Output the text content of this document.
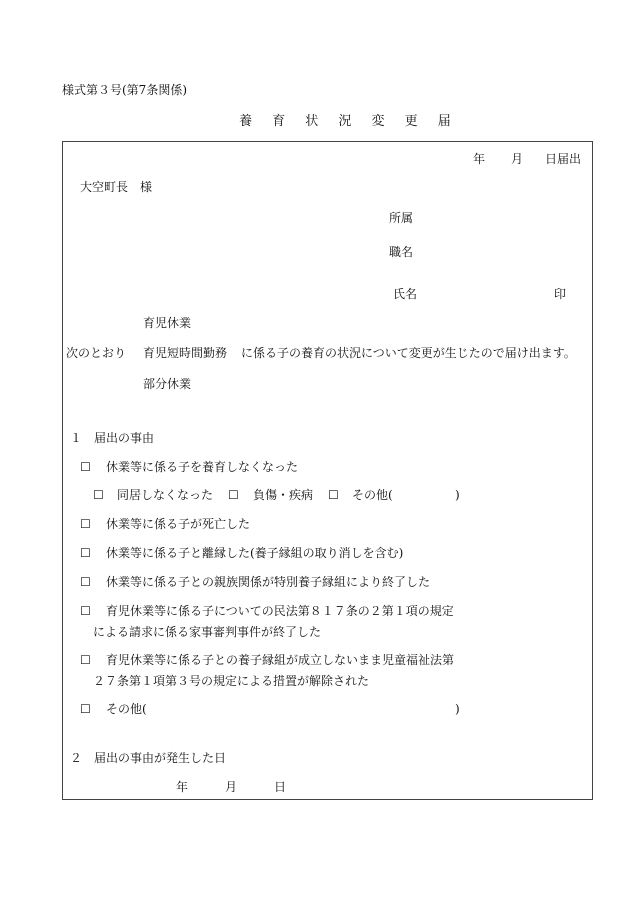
様式第３号(第7条関係)
養 育 状 況 変 更 届
年 月 日届出
大空町長　様
所属
職名
氏名	印
育児休業
次のとおり 育児短時間勤務 に係る子の養育の状況について変更が生じたので届け出ます。
部分休業
１　届出の事由
☐ 休業等に係る子を養育しなくなった
☐ 同居しなくなった ☐ 負傷・疾病 ☐ その他(	)
☐ 休業等に係る子が死亡した
☐ 休業等に係る子と離縁した(養子縁組の取り消しを含む)
☐ 休業等に係る子との親族関係が特別養子縁組により終了した
☐ 育児休業等に係る子についての民法第８１７条の２第１項の規定
による請求に係る家事審判事件が終了した
☐ 育児休業等に係る子との養子縁組が成立しないまま児童福祉法第
２７条第１項第３号の規定による措置が解除された
☐ その他(	)
２　届出の事由が発生した日
年	月	日
